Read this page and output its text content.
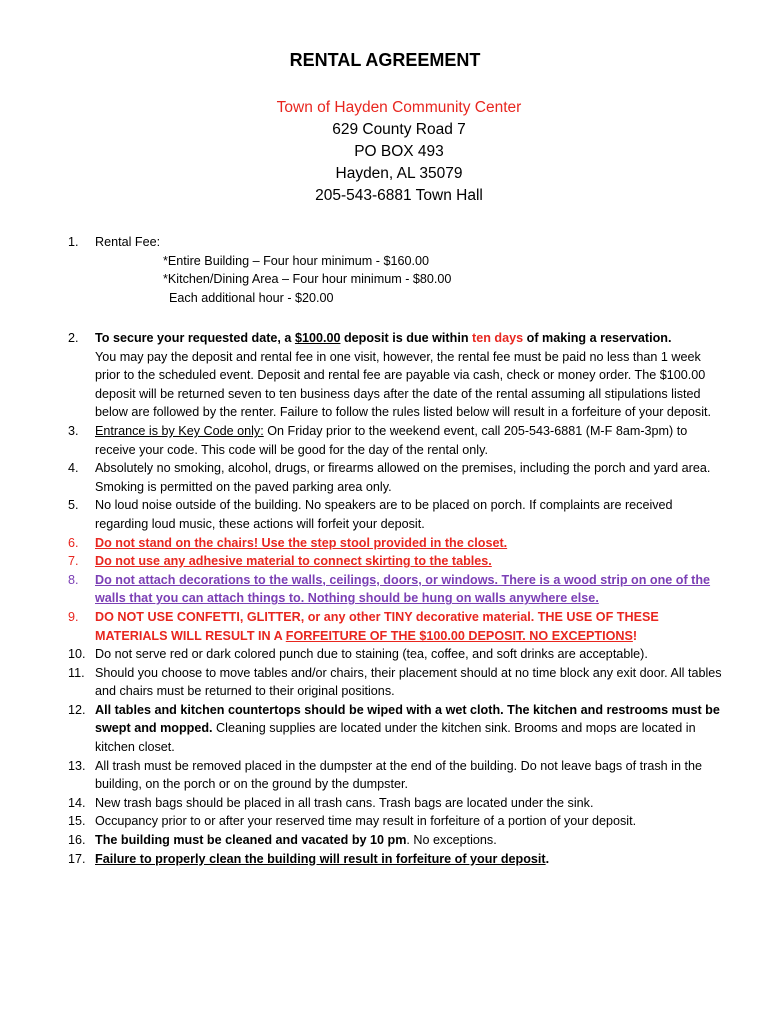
RENTAL AGREEMENT
Town of Hayden Community Center
629 County Road 7
PO BOX 493
Hayden, AL 35079
205-543-6881 Town Hall
1. Rental Fee:
*Entire Building – Four hour minimum - $160.00
*Kitchen/Dining Area – Four hour minimum - $80.00
Each additional hour - $20.00
2. To secure your requested date, a $100.00 deposit is due within ten days of making a reservation.
You may pay the deposit and rental fee in one visit, however, the rental fee must be paid no less than 1 week prior to the scheduled event. Deposit and rental fee are payable via cash, check or money order. The $100.00 deposit will be returned seven to ten business days after the date of the rental assuming all stipulations listed below are followed by the renter. Failure to follow the rules listed below will result in a forfeiture of your deposit.
3. Entrance is by Key Code only: On Friday prior to the weekend event, call 205-543-6881 (M-F 8am-3pm) to receive your code. This code will be good for the day of the rental only.
4. Absolutely no smoking, alcohol, drugs, or firearms allowed on the premises, including the porch and yard area. Smoking is permitted on the paved parking area only.
5. No loud noise outside of the building. No speakers are to be placed on porch. If complaints are received regarding loud music, these actions will forfeit your deposit.
6. Do not stand on the chairs! Use the step stool provided in the closet.
7. Do not use any adhesive material to connect skirting to the tables.
8. Do not attach decorations to the walls, ceilings, doors, or windows. There is a wood strip on one of the walls that you can attach things to. Nothing should be hung on walls anywhere else.
9. DO NOT USE CONFETTI, GLITTER, or any other TINY decorative material. THE USE OF THESE MATERIALS WILL RESULT IN A FORFEITURE OF THE $100.00 DEPOSIT. NO EXCEPTIONS!
10. Do not serve red or dark colored punch due to staining (tea, coffee, and soft drinks are acceptable).
11. Should you choose to move tables and/or chairs, their placement should at no time block any exit door. All tables and chairs must be returned to their original positions.
12. All tables and kitchen countertops should be wiped with a wet cloth. The kitchen and restrooms must be swept and mopped. Cleaning supplies are located under the kitchen sink. Brooms and mops are located in kitchen closet.
13. All trash must be removed placed in the dumpster at the end of the building. Do not leave bags of trash in the building, on the porch or on the ground by the dumpster.
14. New trash bags should be placed in all trash cans. Trash bags are located under the sink.
15. Occupancy prior to or after your reserved time may result in forfeiture of a portion of your deposit.
16. The building must be cleaned and vacated by 10 pm. No exceptions.
17. Failure to properly clean the building will result in forfeiture of your deposit.
